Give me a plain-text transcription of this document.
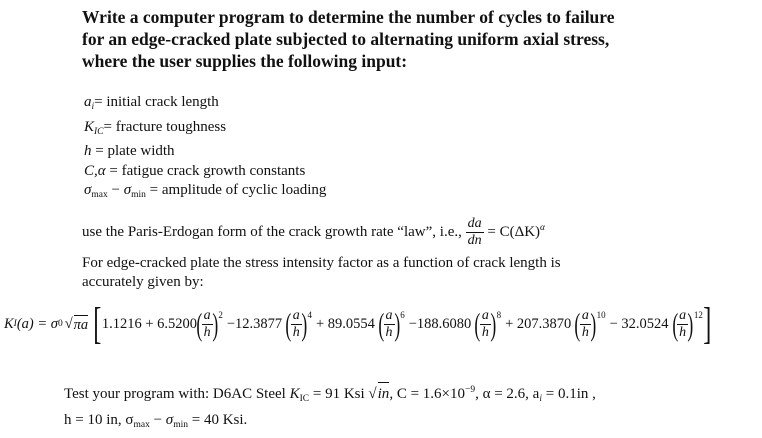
Write a computer program to determine the number of cycles to failure
for an edge-cracked plate subjected to alternating uniform axial stress,
where the user supplies the following input:
$a_i=$ initial crack length
$K_{IC}=$ fracture toughness
h = plate width
C,α = fatigue crack growth constants
$\sigma_{max} - \sigma_{min}$ = amplitude of cyclic loading
use the Paris-Erdogan form of the crack growth rate “law”, i.e., $\frac{da}{dn} = C(\Delta K)^\alpha$
For edge-cracked plate the stress intensity factor as a function of crack length is
accurately given by:
K I (a) = σ 0 √ πa [ 1.1216 + 6.5200 ( $\frac{a}{h}$ ) 2
−12.3877 ( $\frac{a}{h}$ ) 4
+ 89.0554 ( $\frac{a}{h}$ ) 6
−188.6080 ( $\frac{a}{h}$ ) 8
+ 207.3870 ( $\frac{a}{h}$ ) 10
− 32.0524 ( $\frac{a}{h}$ ) 12 ]
Test your program with: D6AC Steel $K_{IC} = 91$ Ksi √in, $C = 1.6\times 10^{-9}$, α = 2.6, $a_i = 0.1in$ ,
h = 10 in, $\sigma_{max} - \sigma_{min} = 40$ Ksi.
